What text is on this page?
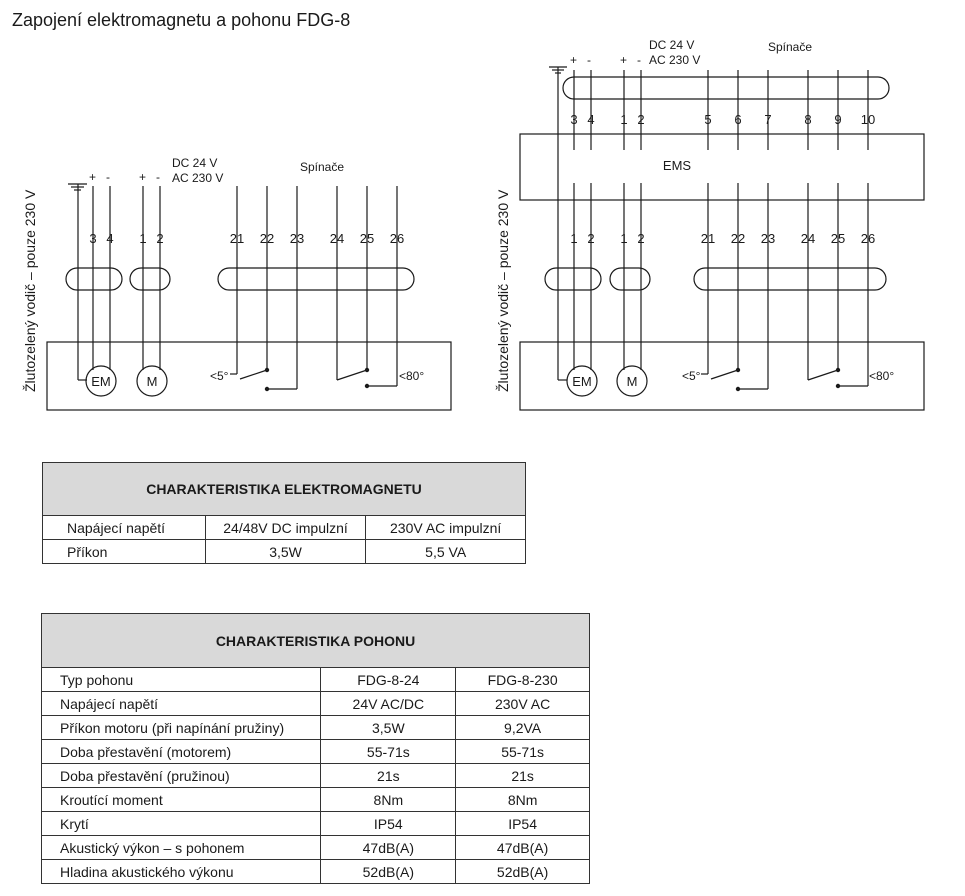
Zapojení elektromagnetu a pohonu FDG-8
Žlutozelený vodič – pouze 230 V
+ - + -
DC 24 V
AC 230 V
Spínače
3 4 1 2	21 22 23 24 25 26
EM	M	<5°	<80°	Žlutozelený vodič – pouze 230 V
+ - + -
DC 24 V
AC 230 V
Spínače
3 4 1 2	5 6 7	8 9 10
EMS
1 2 1 2	21 22 23 24 25 26
EM	M	<5°	<80°
CHARAKTERISTIKA ELEKTROMAGNETU		
Napájecí napětí	24/48V DC impulzní	230V AC impulzní
Příkon	3,5W	5,5 VA
CHARAKTERISTIKA POHONU		
Typ pohonu	FDG-8-24	FDG-8-230
Napájecí napětí	24V AC/DC	230V AC
Příkon motoru (při napínání pružiny)	3,5W	9,2VA
Doba přestavění (motorem)	55-71s	55-71s
Doba přestavění (pružinou)	21s	21s
Kroutící moment	8Nm	8Nm
Krytí	IP54	IP54
Akustický výkon – s pohonem	47dB(A)	47dB(A)
Hladina akustického výkonu	52dB(A)	52dB(A)
